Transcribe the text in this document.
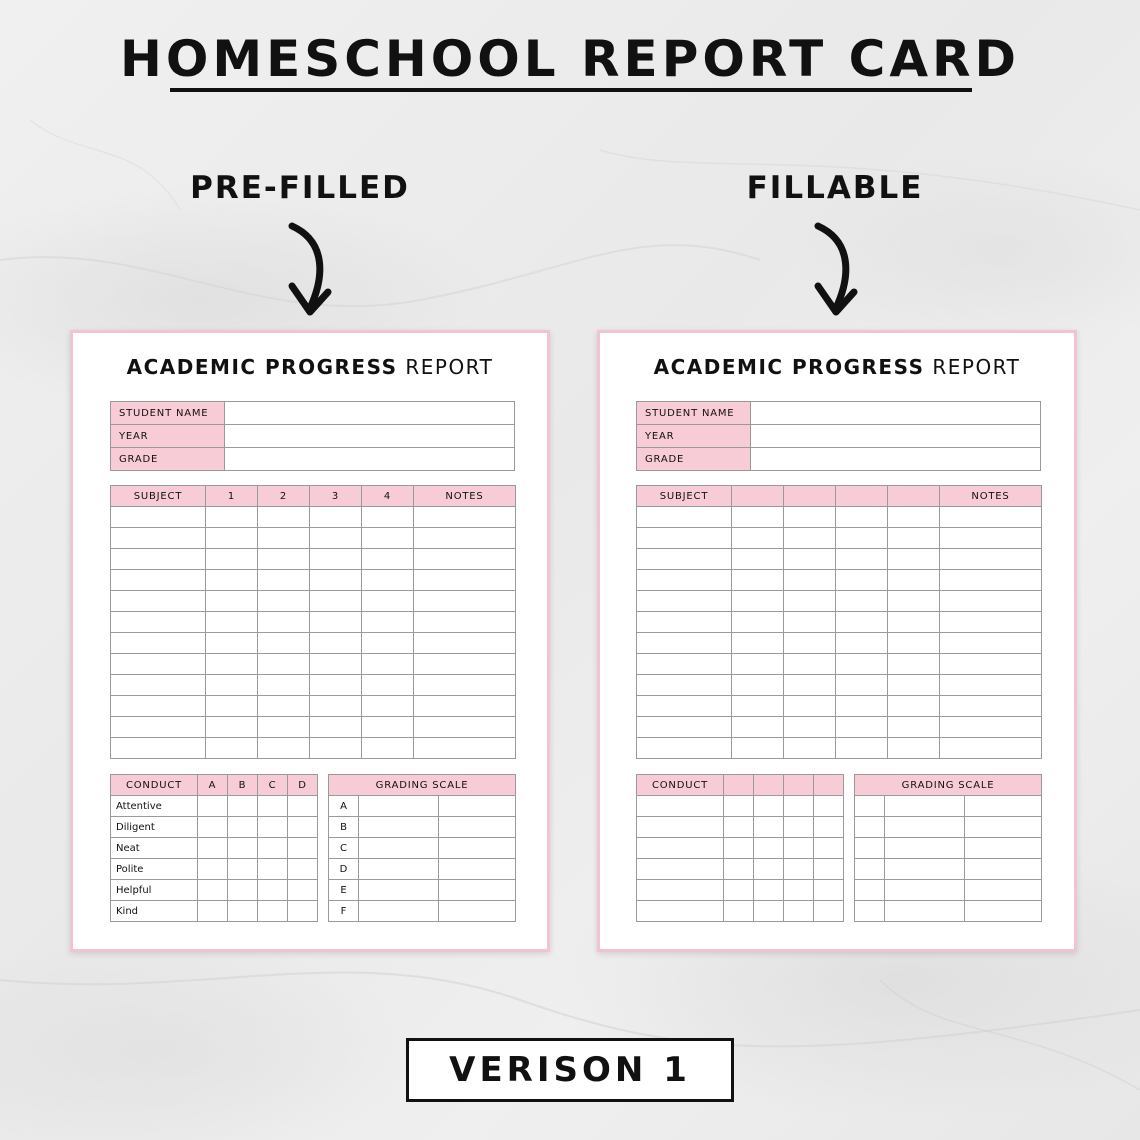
HOMESCHOOL REPORT CARD
PRE-FILLED	FILLABLE
ACADEMIC PROGRESS REPORT
STUDENT NAME	
YEAR	
GRADE	
SUBJECT	1	2	3	4	NOTES

CONDUCT	A	B	C	D
Attentive				
Diligent				
Neat				
Polite				
Helpful				
Kind				
GRADING SCALE		
A		
B		
C		
D		
E		
F		
ACADEMIC PROGRESS REPORT
STUDENT NAME	
YEAR	
GRADE	
SUBJECT					NOTES

CONDUCT				

					GRADING SCALE		

VERISON 1
